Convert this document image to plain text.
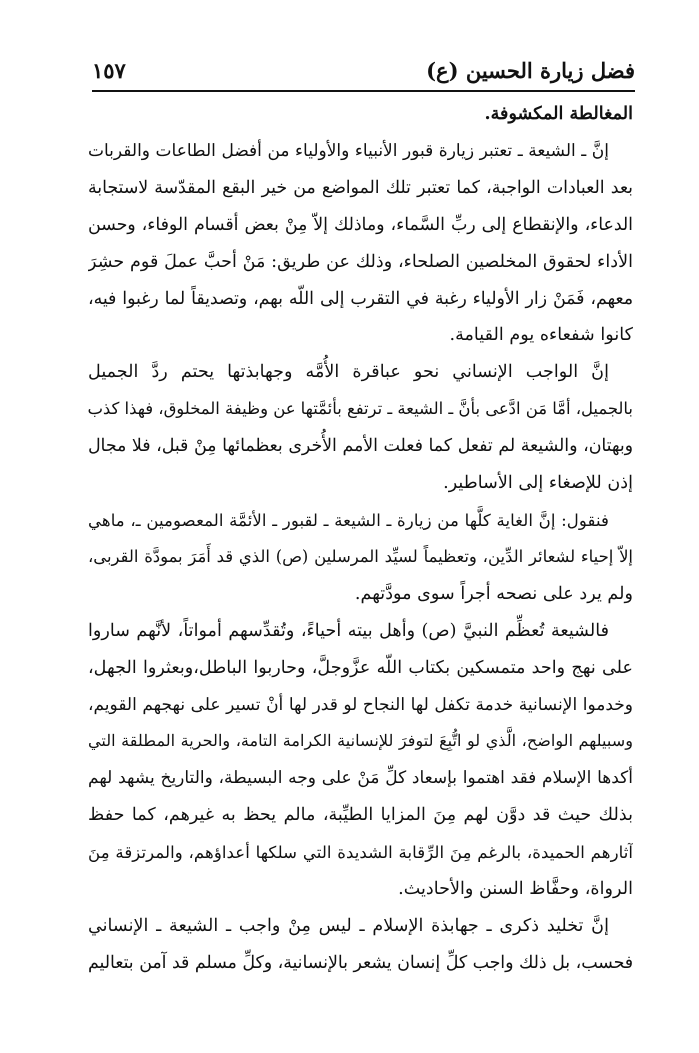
فضل زيارة الحسين (ع)
١٥٧
المغالطة المكشوفة.
إنَّ ـ الشيعة ـ تعتبر زيارة قبور الأنبياء والأولياء من أفضل الطاعات والقربات
بعد العبادات الواجبة، كما تعتبر تلك المواضع من خير البقع المقدّسة لاستجابة
الدعاء، والإنقطاع إلى ربِّ السَّماء، وماذلك إلاّ مِنْ بعض أقسام الوفاء، وحسن
الأداء لحقوق المخلصين الصلحاء، وذلك عن طريق: مَنْ أحبَّ عملَ قوم حشِرَ
معهم، فَمَنْ زار الأولياء رغبة في التقرب إلى اللّه بهم، وتصديقاً لما رغبوا فيه،
كانوا شفعاءه يوم القيامة.
إنَّ الواجب الإنساني نحو عباقرة الأُمَّه وجهابذتها يحتم ردَّ الجميل
بالجميل، أمَّا مَن ادَّعى بأنَّ ـ الشيعة ـ ترتفع بأئمَّتها عن وظيفة المخلوق، فهذا كذب
وبهتان، والشيعة لم تفعل كما فعلت الأمم الأُخرى بعظمائها مِنْ قبل، فلا مجال
إذن للإصغاء إلى الأساطير.
فنقول: إنَّ الغاية كلَّها من زيارة ـ الشيعة ـ لقبور ـ الأئمَّة المعصومين ـ، ماهي
إلاّ إحياء لشعائر الدِّين، وتعظيماً لسيِّد المرسلين (ص) الذي قد أَمَرَ بمودَّة القربى،
ولم يرد على نصحه أجراً سوى مودَّتهم.
فالشيعة تُعظِّم النبيَّ (ص) وأهل بيته أحياءً، وتُقدِّسهم أمواتاً، لأنَّهم ساروا
على نهج واحد متمسكين بكتاب اللّه عزَّوجلَّ، وحاربوا الباطل،وبعثروا الجهل،
وخدموا الإنسانية خدمة تكفل لها النجاح لو قدر لها أنْ تسير على نهجهم القويم،
وسبيلهم الواضح، الَّذي لو اتُّبِعَ لتوفرَ للإنسانية الكرامة التامة، والحرية المطلقة التي
أكدها الإسلام فقد اهتموا بإسعاد كلِّ مَنْ على وجه البسيطة، والتاريخ يشهد لهم
بذلك حيث قد دوَّن لهم مِنَ المزايا الطيِّبة، مالم يحظ به غيرهم، كما حفظ
آثارهم الحميدة، بالرغم مِنَ الرِّقابة الشديدة التي سلكها أعداؤهم، والمرتزقة مِنَ
الرواة، وحفَّاظ السنن والأحاديث.
إنَّ تخليد ذكرى ـ جهابذة الإسلام ـ ليس مِنْ واجب ـ الشيعة ـ الإنساني
فحسب، بل ذلك واجب كلِّ إنسان يشعر بالإنسانية، وكلِّ مسلم قد آمن بتعاليم
